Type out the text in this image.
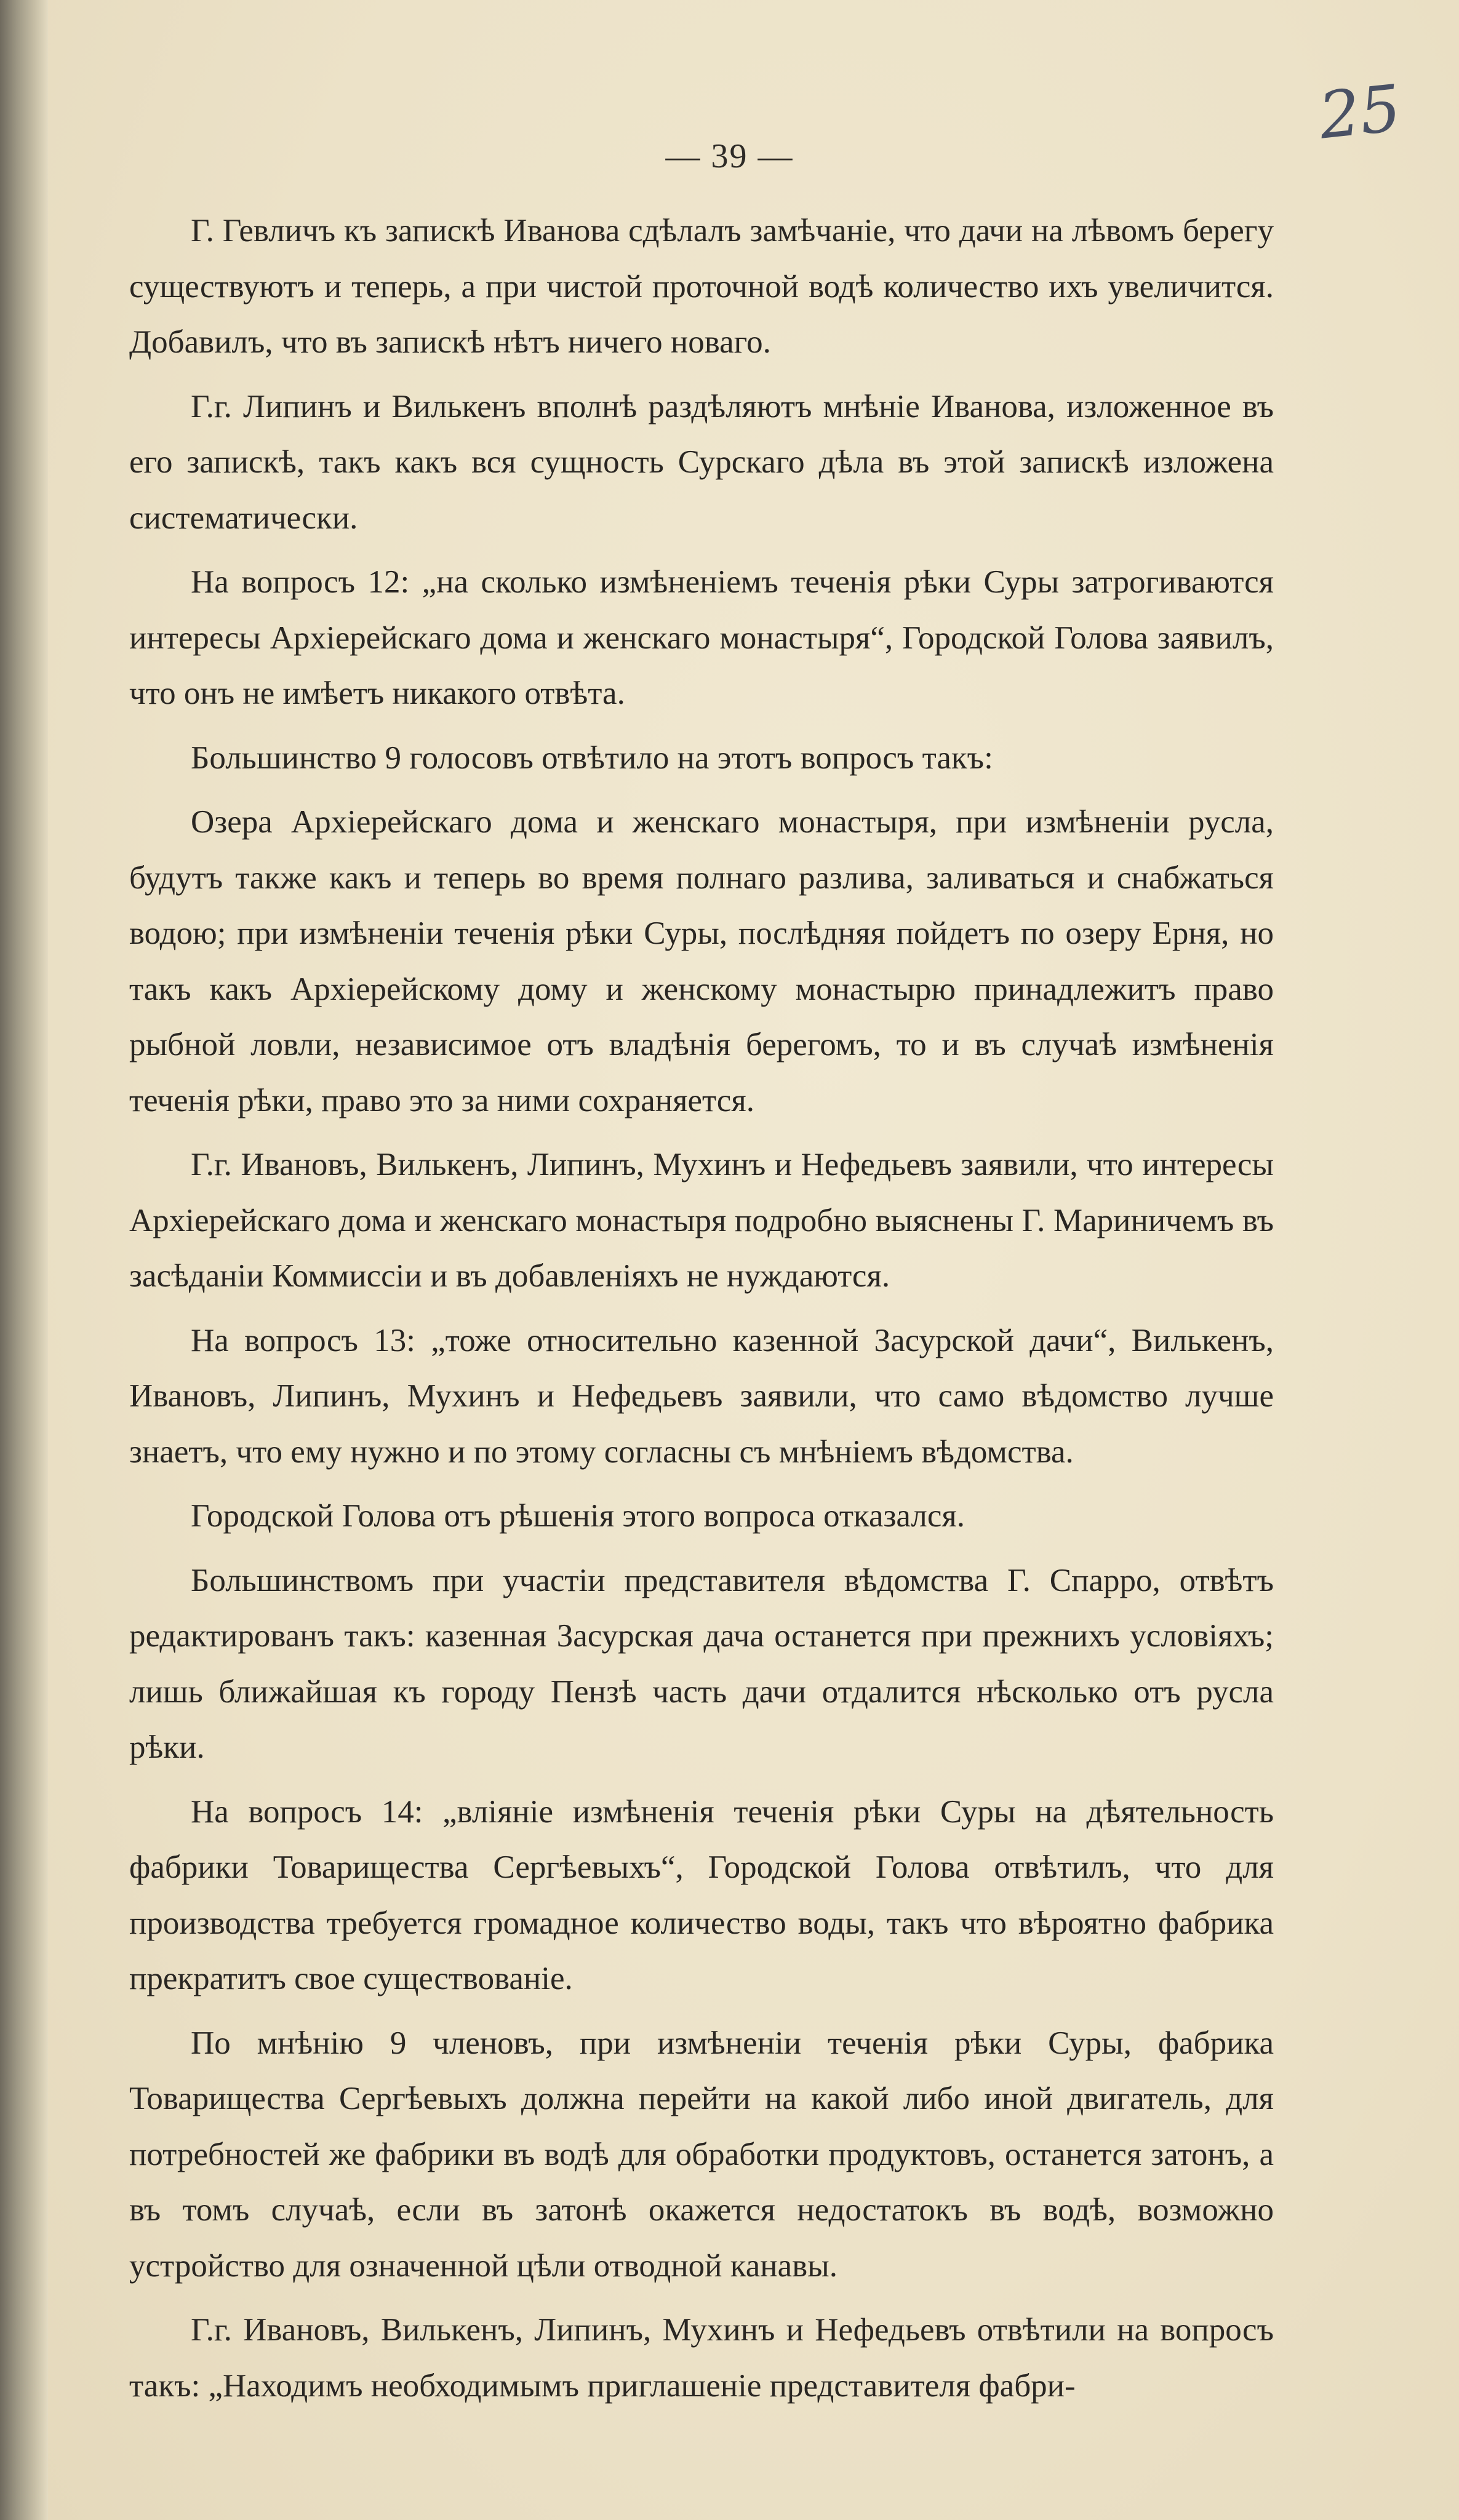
25
— 39 —

Г. Гевличъ къ запискѣ Иванова сдѣлалъ замѣчаніе, что дачи на лѣвомъ берегу существуютъ и теперь, а при чистой проточной водѣ количество ихъ увеличится. Добавилъ, что въ запискѣ нѣтъ ничего новаго.

Г.г. Липинъ и Вилькенъ вполнѣ раздѣляютъ мнѣніе Иванова, изложенное въ его запискѣ, такъ какъ вся сущность Сурскаго дѣла въ этой запискѣ изложена систематически.

На вопросъ 12: „на сколько измѣненіемъ теченія рѣки Суры затрогиваются интересы Архіерейскаго дома и женскаго монастыря“, Городской Голова заявилъ, что онъ не имѣетъ никакого отвѣта.

Большинство 9 голосовъ отвѣтило на этотъ вопросъ такъ:

Озера Архіерейскаго дома и женскаго монастыря, при измѣненіи русла, будутъ также какъ и теперь во время полнаго разлива, заливаться и снабжаться водою; при измѣненіи теченія рѣки Суры, послѣдняя пойдетъ по озеру Ерня, но такъ какъ Архіерейскому дому и женскому монастырю принадлежитъ право рыбной ловли, независимое отъ владѣнія берегомъ, то и въ случаѣ измѣненія теченія рѣки, право это за ними сохраняется.

Г.г. Ивановъ, Вилькенъ, Липинъ, Мухинъ и Нефедьевъ заявили, что интересы Архіерейскаго дома и женскаго монастыря подробно выяснены Г. Мариничемъ въ засѣданіи Коммиссіи и въ добавленіяхъ не нуждаются.

На вопросъ 13: „тоже относительно казенной Засурской дачи“, Вилькенъ, Ивановъ, Липинъ, Мухинъ и Нефедьевъ заявили, что само вѣдомство лучше знаетъ, что ему нужно и по этому согласны съ мнѣніемъ вѣдомства.

Городской Голова отъ рѣшенія этого вопроса отказался.

Большинствомъ при участіи представителя вѣдомства Г. Спарро, отвѣтъ редактированъ такъ: казенная Засурская дача останется при прежнихъ условіяхъ; лишь ближайшая къ городу Пензѣ часть дачи отдалится нѣсколько отъ русла рѣки.

На вопросъ 14: „вліяніе измѣненія теченія рѣки Суры на дѣятельность фабрики Товарищества Сергѣевыхъ“, Городской Голова отвѣтилъ, что для производства требуется громадное количество воды, такъ что вѣроятно фабрика прекратитъ свое существованіе.

По мнѣнію 9 членовъ, при измѣненіи теченія рѣки Суры, фабрика Товарищества Сергѣевыхъ должна перейти на какой либо иной двигатель, для потребностей же фабрики въ водѣ для обработки продуктовъ, останется затонъ, а въ томъ случаѣ, если въ затонѣ окажется недостатокъ въ водѣ, возможно устройство для означенной цѣли отводной канавы.

Г.г. Ивановъ, Вилькенъ, Липинъ, Мухинъ и Нефедьевъ отвѣтили на вопросъ такъ: „Находимъ необходимымъ приглашеніе представителя фабри-
